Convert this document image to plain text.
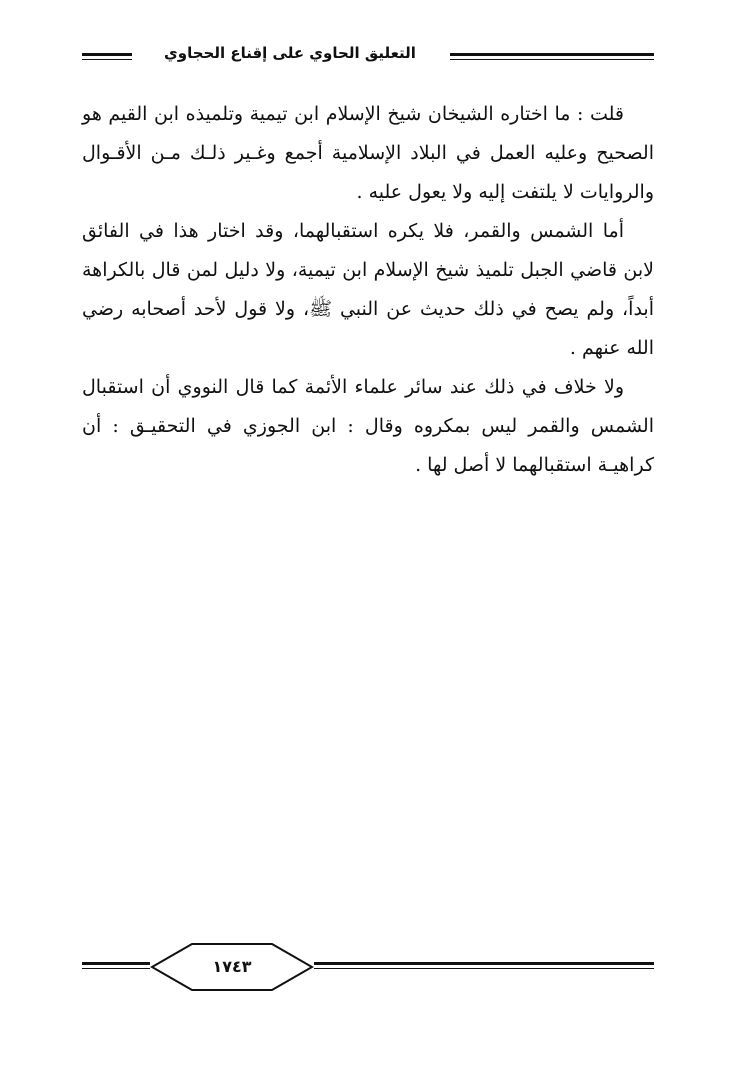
التعليق الحاوي على إقناع الحجاوي

قلت : ما اختاره الشيخان شيخ الإسلام ابن تيمية وتلميذه ابن القيم هو الصحيح وعليه العمل في البلاد الإسلامية أجمع وغـير ذلـك مـن الأقـوال والروايات لا يلتفت إليه ولا يعول عليه .

أما الشمس والقمر، فلا يكره استقبالهما، وقد اختار هذا في الفائق لابن قاضي الجبل تلميذ شيخ الإسلام ابن تيمية، ولا دليل لمن قال بالكراهة أبداً، ولم يصح في ذلك حديث عن النبي ﷺ، ولا قول لأحد أصحابه رضي الله عنهم .

ولا خلاف في ذلك عند سائر علماء الأئمة كما قال النووي أن استقبال الشمس والقمر ليس بمكروه وقال : ابن الجوزي في التحقيـق : أن كراهيـة استقبالهما لا أصل لها .

١٧٤٣
